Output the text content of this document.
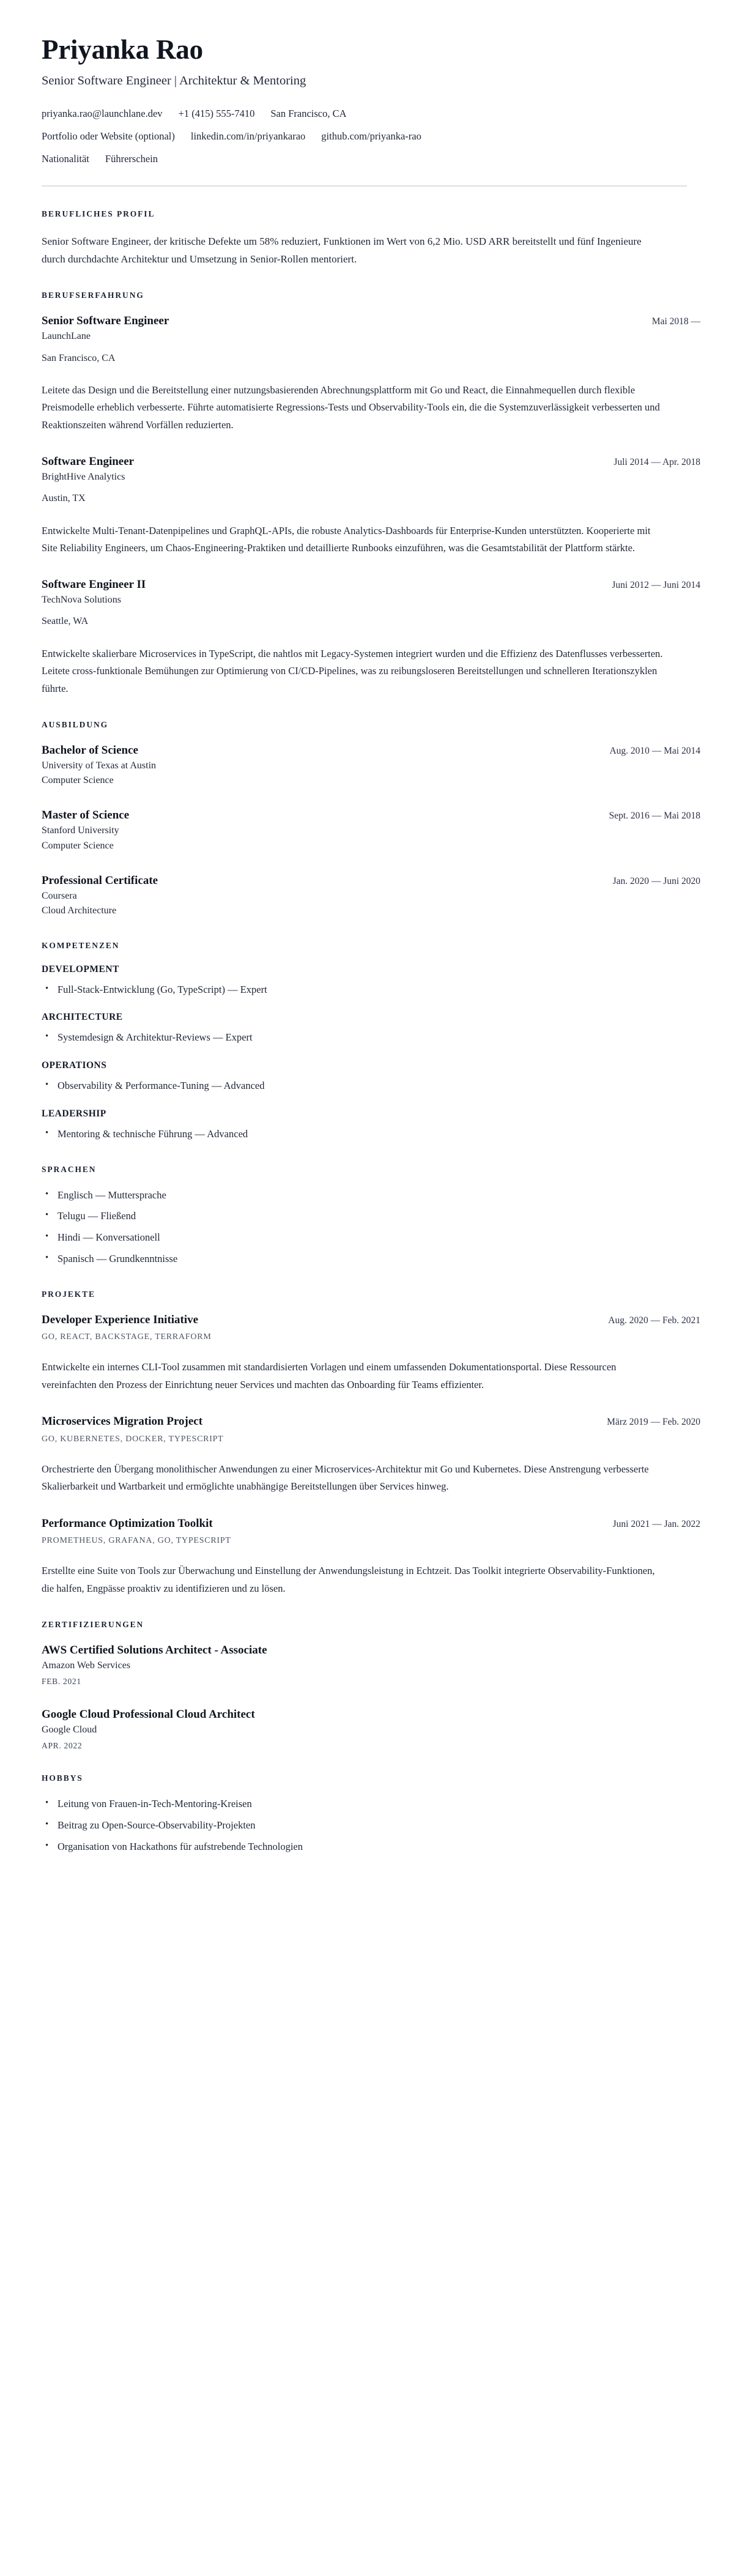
Priyanka Rao
Senior Software Engineer | Architektur & Mentoring
priyanka.rao@launchlane.dev +1 (415) 555-7410 San Francisco, CA
Portfolio oder Website (optional) linkedin.com/in/priyankarao github.com/priyanka-rao
Nationalität Führerschein
BERUFLICHES PROFIL

Senior Software Engineer, der kritische Defekte um 58% reduziert, Funktionen im Wert von 6,2 Mio. USD ARR bereitstellt und fünf Ingenieure durch durchdachte Architektur und Umsetzung in Senior-Rollen mentoriert.

BERUFSERFAHRUNG
Senior Software Engineer	Mai 2018 —
LaunchLane
San Francisco, CA

Leitete das Design und die Bereitstellung einer nutzungsbasierenden Abrechnungsplattform mit Go und React, die Einnahmequellen durch flexible Preismodelle erheblich verbesserte. Führte automatisierte Regressions-Tests und Observability-Tools ein, die die Systemzuverlässigkeit verbesserten und Reaktionszeiten während Vorfällen reduzierten.

Software Engineer	Juli 2014 — Apr. 2018
BrightHive Analytics
Austin, TX

Entwickelte Multi-Tenant-Datenpipelines und GraphQL-APIs, die robuste Analytics-Dashboards für Enterprise-Kunden unterstützten. Kooperierte mit Site Reliability Engineers, um Chaos-Engineering-Praktiken und detaillierte Runbooks einzuführen, was die Gesamtstabilität der Plattform stärkte.

Software Engineer II	Juni 2012 — Juni 2014
TechNova Solutions
Seattle, WA

Entwickelte skalierbare Microservices in TypeScript, die nahtlos mit Legacy-Systemen integriert wurden und die Effizienz des Datenflusses verbesserten. Leitete cross-funktionale Bemühungen zur Optimierung von CI/CD-Pipelines, was zu reibungsloseren Bereitstellungen und schnelleren Iterationszyklen führte.

AUSBILDUNG
Bachelor of Science	Aug. 2010 — Mai 2014
University of Texas at Austin
Computer Science
Master of Science	Sept. 2016 — Mai 2018
Stanford University
Computer Science
Professional Certificate	Jan. 2020 — Juni 2020
Coursera
Cloud Architecture
KOMPETENZEN
DEVELOPMENT
• Full-Stack-Entwicklung (Go, TypeScript) — Expert
ARCHITECTURE
• Systemdesign & Architektur-Reviews — Expert
OPERATIONS
• Observability & Performance-Tuning — Advanced
LEADERSHIP
• Mentoring & technische Führung — Advanced
SPRACHEN
• Englisch — Muttersprache
• Telugu — Fließend
• Hindi — Konversationell
• Spanisch — Grundkenntnisse
PROJEKTE
Developer Experience Initiative	Aug. 2020 — Feb. 2021
GO, REACT, BACKSTAGE, TERRAFORM

Entwickelte ein internes CLI-Tool zusammen mit standardisierten Vorlagen und einem umfassenden Dokumentationsportal. Diese Ressourcen vereinfachten den Prozess der Einrichtung neuer Services und machten das Onboarding für Teams effizienter.

Microservices Migration Project	März 2019 — Feb. 2020
GO, KUBERNETES, DOCKER, TYPESCRIPT

Orchestrierte den Übergang monolithischer Anwendungen zu einer Microservices-Architektur mit Go und Kubernetes. Diese Anstrengung verbesserte Skalierbarkeit und Wartbarkeit und ermöglichte unabhängige Bereitstellungen über Services hinweg.

Performance Optimization Toolkit	Juni 2021 — Jan. 2022
PROMETHEUS, GRAFANA, GO, TYPESCRIPT

Erstellte eine Suite von Tools zur Überwachung und Einstellung der Anwendungsleistung in Echtzeit. Das Toolkit integrierte Observability-Funktionen, die halfen, Engpässe proaktiv zu identifizieren und zu lösen.

ZERTIFIZIERUNGEN
AWS Certified Solutions Architect - Associate
Amazon Web Services
FEB. 2021
Google Cloud Professional Cloud Architect
Google Cloud
APR. 2022
HOBBYS
• Leitung von Frauen-in-Tech-Mentoring-Kreisen
• Beitrag zu Open-Source-Observability-Projekten
• Organisation von Hackathons für aufstrebende Technologien
